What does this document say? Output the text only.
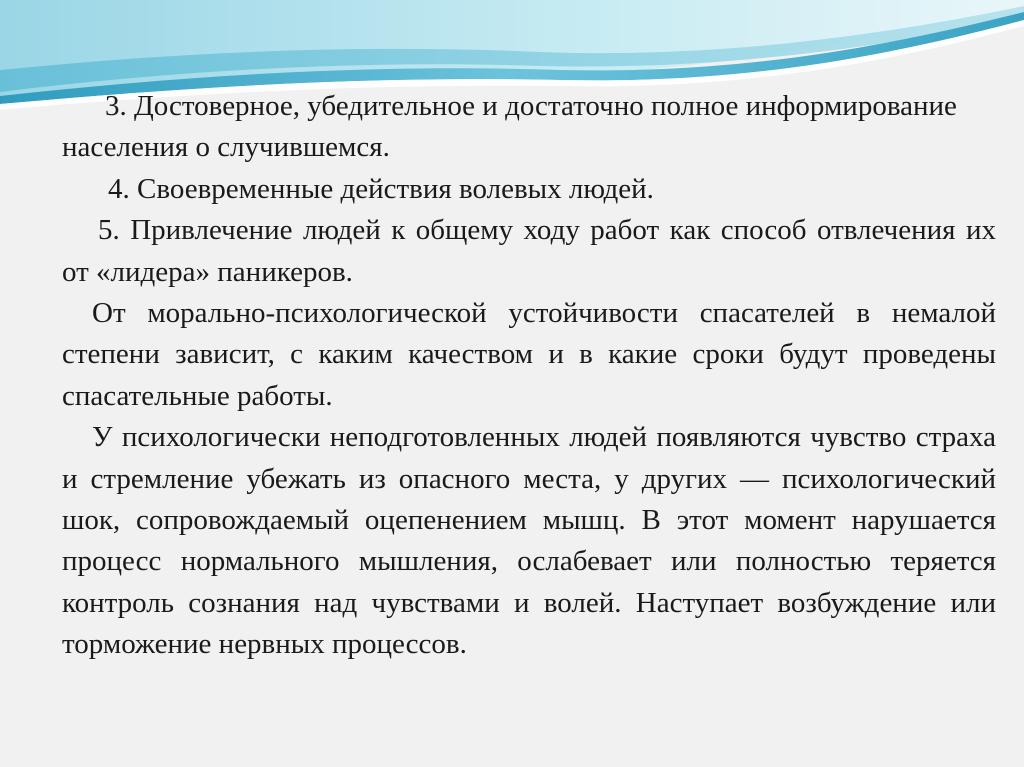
3. Достоверное, убедительное и достаточно полное информирование населения о случившемся.

4. Своевременные действия волевых людей.

5. Привлечение людей к общему ходу работ как способ отвлечения их от «лидера» паникеров.

От морально-психологической устойчивости спасателей в немалой степени зависит, с каким качеством и в какие сроки будут проведены спасательные работы.

У психологически неподготовленных людей появляются чувство страха и стремление убежать из опасного места, у других — психологический шок, сопровождаемый оцепенением мышц. В этот момент нарушается процесс нормального мышления, ослабевает или полностью теряется контроль сознания над чувствами и волей. Наступает возбуждение или торможение нервных процессов.
